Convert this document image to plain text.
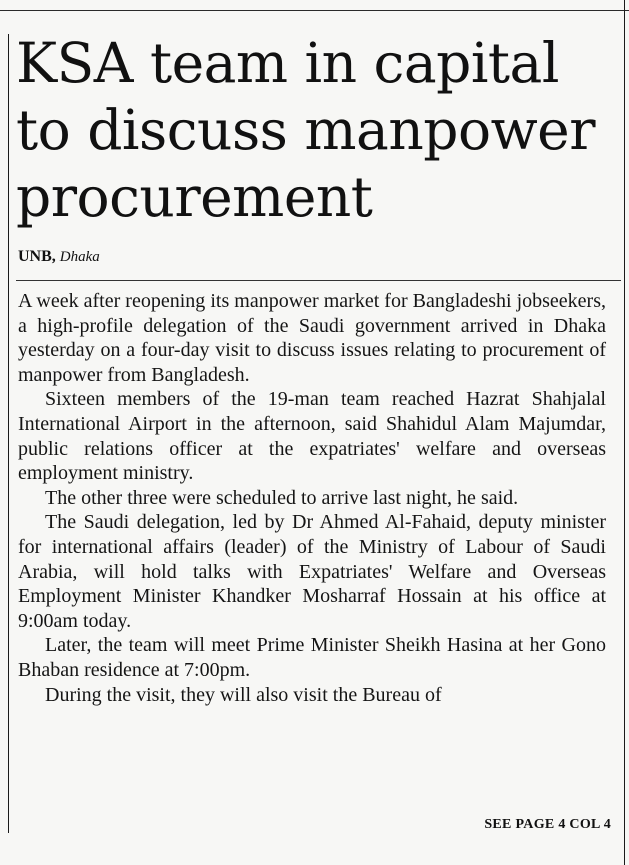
KSA team in capital to discuss manpower procurement
UNB, Dhaka

A week after reopening its manpower market for Bangladeshi jobseekers, a high-profile delegation of the Saudi government arrived in Dhaka yesterday on a four-day visit to discuss issues relating to procurement of manpower from Bangladesh.

Sixteen members of the 19-man team reached Hazrat Shahjalal International Airport in the afternoon, said Shahidul Alam Majumdar, public relations officer at the expatriates' welfare and overseas employment ministry.

The other three were scheduled to arrive last night, he said.

The Saudi delegation, led by Dr Ahmed Al-Fahaid, deputy minister for international affairs (leader) of the Ministry of Labour of Saudi Arabia, will hold talks with Expatriates' Welfare and Overseas Employment Minister Khandker Mosharraf Hossain at his office at 9:00am today.

Later, the team will meet Prime Minister Sheikh Hasina at her Gono Bhaban residence at 7:00pm.

During the visit, they will also visit the Bureau of

SEE PAGE 4 COL 4
